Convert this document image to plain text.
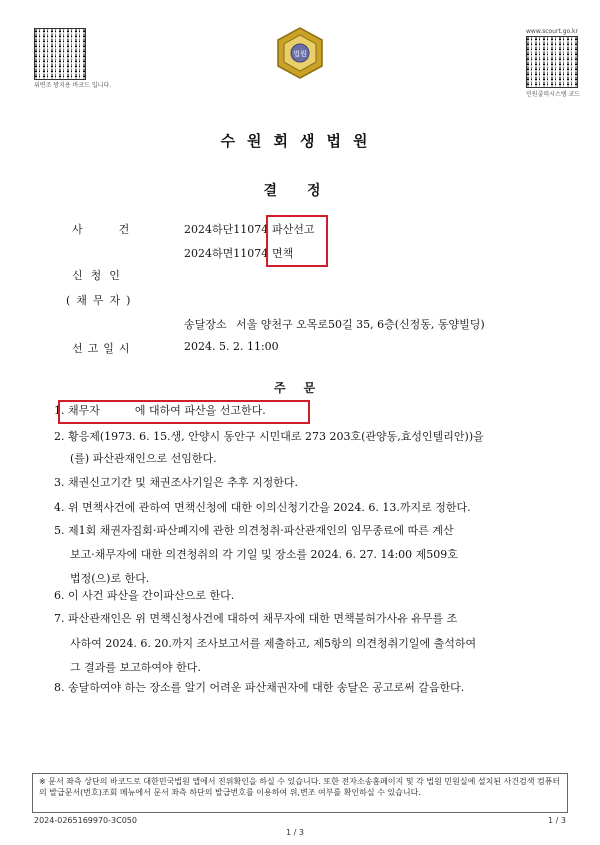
위변조 방지용 바코드 입니다.
www.scourt.go.kr
민원출력시스템 코드
법원
수원회생법원
결정
사건 2024하단11074 파산선고
2024하면11074 면책
신청인
(채무자)
송달장소 서울 양천구 오목로50길 35, 6층(신정동, 동양빌딩)
선고일시	2024. 5. 2. 11:00
주문
1. 채무자          에 대하여 파산을 선고한다.
2. 황응제(1973. 6. 15.생, 안양시 동안구 시민대로 273 203호(관양동,효성인텔리안))을
(를) 파산관재인으로 선임한다.
3. 채권신고기간 및 채권조사기일은 추후 지정한다.
4. 위 면책사건에 관하여 면책신청에 대한 이의신청기간을 2024. 6. 13.까지로 정한다.
5. 제1회 채권자집회·파산폐지에 관한 의견청취·파산관재인의 임무종료에 따른 계산
보고·채무자에 대한 의견청취의 각 기일 및 장소를 2024. 6. 27. 14:00 제509호
법정(으)로 한다.
6. 이 사건 파산을 간이파산으로 한다.
7. 파산관재인은 위 면책신청사건에 대하여 채무자에 대한 면책불허가사유 유무를 조
사하여 2024. 6. 20.까지 조사보고서를 제출하고, 제5항의 의견청취기일에 출석하여
그 결과를 보고하여야 한다.
8. 송달하여야 하는 장소를 알기 어려운 파산채권자에 대한 송달은 공고로써 갈음한다.
※ 문서 좌측 상단의 바코드로 대한민국법원 앱에서 진위확인을 하실 수 있습니다. 또한 전자소송홈페이지 및 각 법원 민원실에 설치된 사건검색 컴퓨터의 발급문서(번호)조회 메뉴에서 문서 좌측 하단의 발급번호를 이용하여 위,변조 여부를 확인하실 수 있습니다.
2024-0265169970-3C050
1 / 3
1 / 3
